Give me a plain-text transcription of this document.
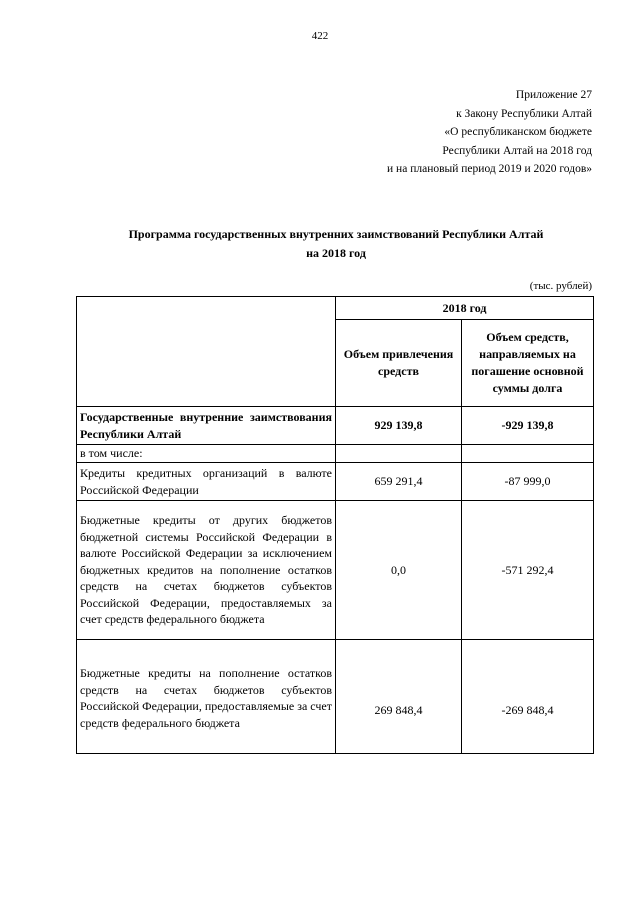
422
Приложение 27
к Закону Республики Алтай
«О республиканском бюджете
Республики Алтай на 2018 год
и на плановый период 2019 и 2020 годов»
Программа государственных внутренних заимствований Республики Алтай
на 2018 год
(тыс. рублей)
	2018 год	
	Объем привлечения средств	Объем средств, направляемых на погашение основной суммы долга
Государственные внутренние заимствования Республики Алтай	929 139,8	-929 139,8
в том числе:		
Кредиты кредитных организаций в валюте Российской Федерации	659 291,4	-87 999,0
Бюджетные кредиты от других бюджетов бюджетной системы Российской Федерации в валюте Российской Федерации за исключением бюджетных кредитов на пополнение остатков средств на счетах бюджетов субъектов Российской Федерации, предоставляемых за счет средств федерального бюджета	0,0	-571 292,4
Бюджетные кредиты на пополнение остатков средств на счетах бюджетов субъектов Российской Федерации, предоставляемые за счет средств федерального бюджета	269 848,4	-269 848,4
